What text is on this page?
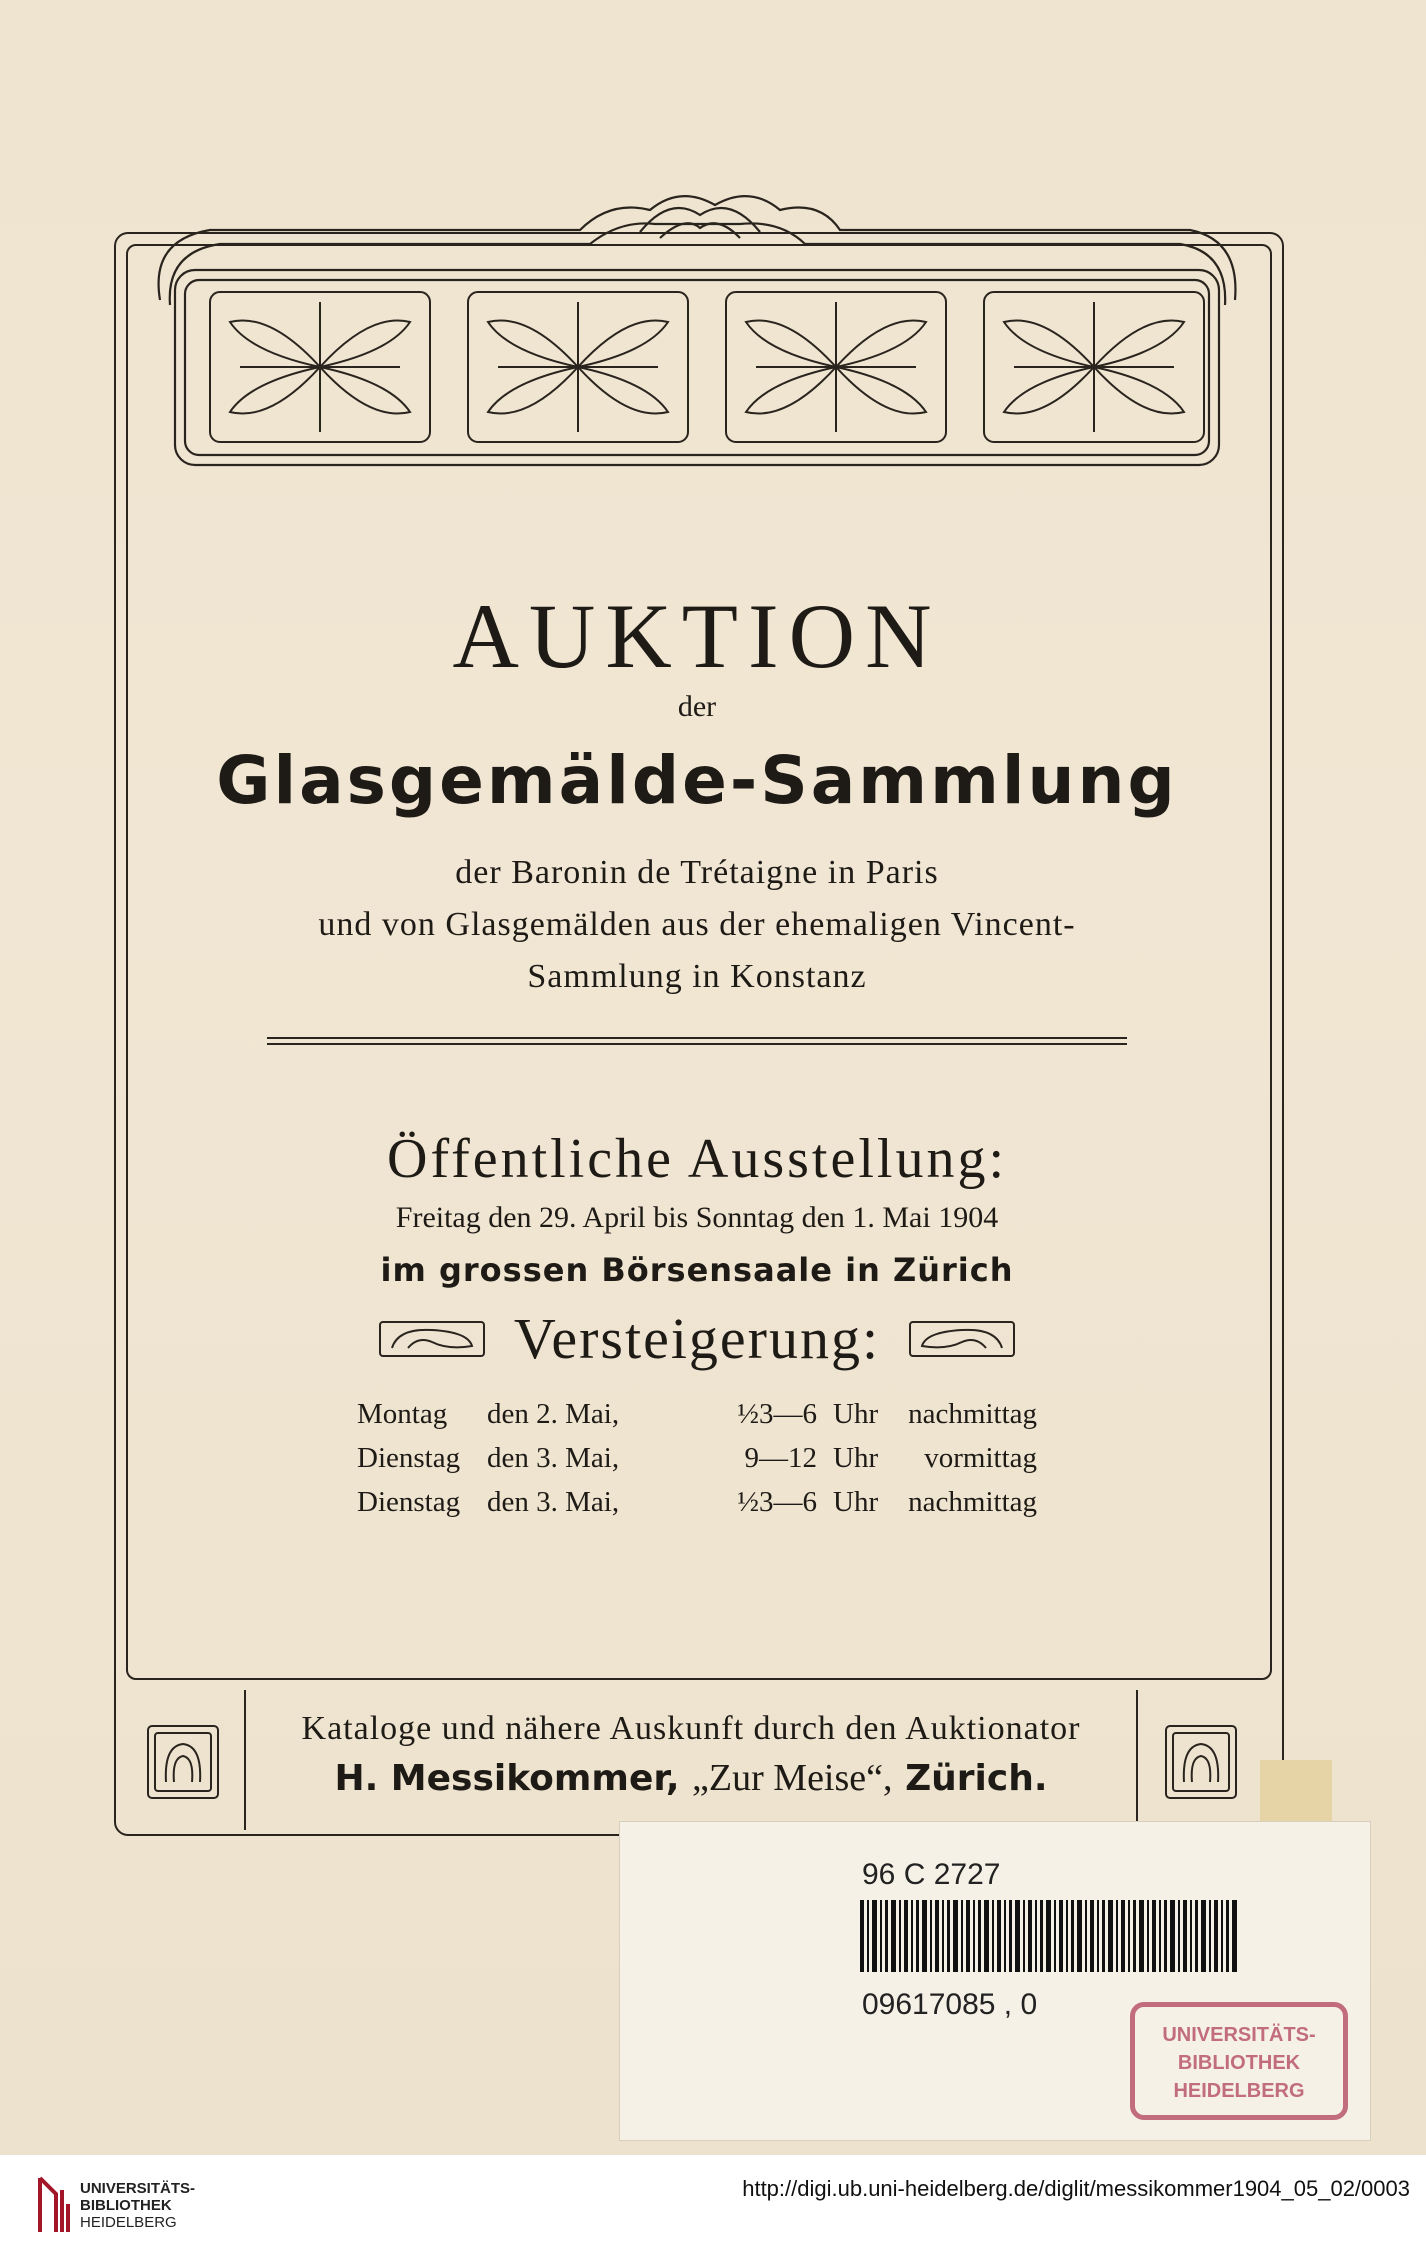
AUKTION
der
Glasgemälde-Sammlung
der Baronin de Trétaigne in Paris
und von Glasgemälden aus der ehemaligen Vincent-
Sammlung in Konstanz
Öffentliche Ausstellung:
Freitag den 29. April bis Sonntag den 1. Mai 1904
im grossen Börsensaale in Zürich
Versteigerung:
Montag	den 2. Mai,	½3—6 Uhr	nachmittag
Dienstag den 3. Mai,	9—12 Uhr	vormittag
Dienstag den 3. Mai,	½3—6 Uhr	nachmittag
Kataloge und nähere Auskunft durch den Auktionator
H. Messikommer, „Zur Meise“, Zürich.
96 C 2727
09617085 , 0
UNIVERSITÄTS-
BIBLIOTHEK
HEIDELBERG
UNIVERSITÄTS-
BIBLIOTHEK
HEIDELBERG
http://digi.ub.uni-heidelberg.de/diglit/messikommer1904_05_02/0003
